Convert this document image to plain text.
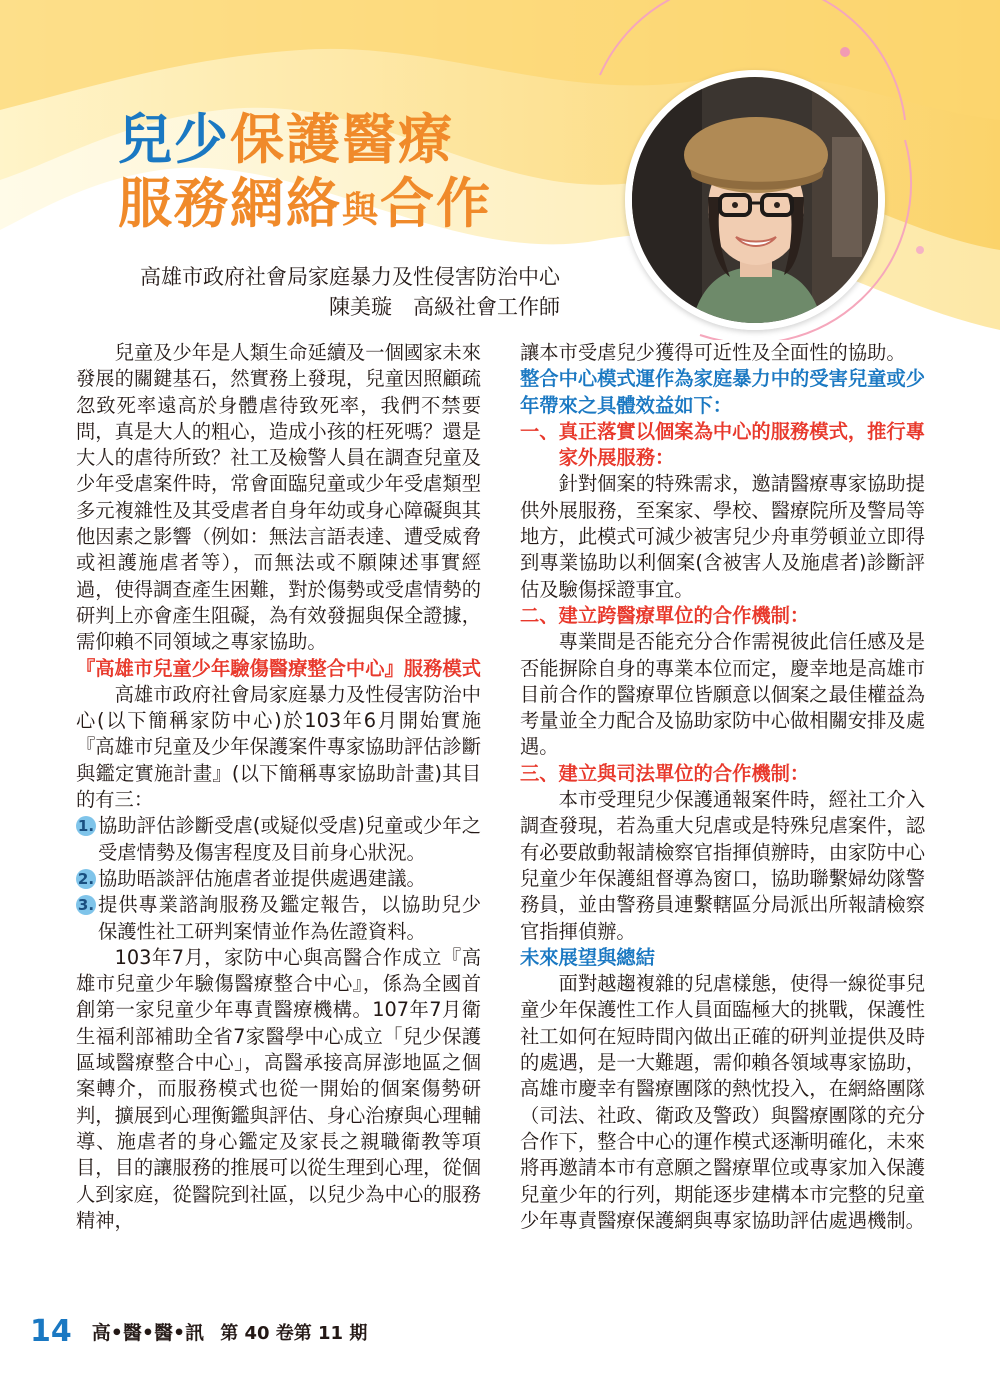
兒少保護醫療
服務網絡與合作
高雄市政府社會局家庭暴力及性侵害防治中心
陳美璇　高級社會工作師

兒童及少年是人類生命延續及一個國家未來發展的關鍵基石，然實務上發現，兒童因照顧疏忽致死率遠高於身體虐待致死率，我們不禁要問，真是大人的粗心，造成小孩的枉死嗎？還是大人的虐待所致？社工及檢警人員在調查兒童及少年受虐案件時，常會面臨兒童或少年受虐類型多元複雜性及其受虐者自身年幼或身心障礙與其他因素之影響（例如：無法言語表達、遭受威脅或袒護施虐者等），而無法或不願陳述事實經過，使得調查產生困難，對於傷勢或受虐情勢的研判上亦會產生阻礙，為有效發掘與保全證據，需仰賴不同領域之專家協助。

『高雄市兒童少年驗傷醫療整合中心』服務模式

高雄市政府社會局家庭暴力及性侵害防治中心(以下簡稱家防中心)於103年6月開始實施『高雄市兒童及少年保護案件專家協助評估診斷與鑑定實施計畫』(以下簡稱專家協助計畫)其目的有三：

1. 協助評估診斷受虐(或疑似受虐)兒童或少年之受虐情勢及傷害程度及目前身心狀況。
2. 協助晤談評估施虐者並提供處遇建議。
3. 提供專業諮詢服務及鑑定報告，以協助兒少保護性社工研判案情並作為佐證資料。

103年7月，家防中心與高醫合作成立『高雄市兒童少年驗傷醫療整合中心』，係為全國首創第一家兒童少年專責醫療機構。107年7月衛生福利部補助全省7家醫學中心成立「兒少保護區域醫療整合中心」，高醫承接高屏澎地區之個案轉介，而服務模式也從一開始的個案傷勢研判，擴展到心理衡鑑與評估、身心治療與心理輔導、施虐者的身心鑑定及家長之親職衛教等項目，目的讓服務的推展可以從生理到心理，從個人到家庭，從醫院到社區，以兒少為中心的服務精神，

讓本市受虐兒少獲得可近性及全面性的協助。

整合中心模式運作為家庭暴力中的受害兒童或少年帶來之具體效益如下：

一、真正落實以個案為中心的服務模式，推行專家外展服務：

針對個案的特殊需求，邀請醫療專家協助提供外展服務，至案家、學校、醫療院所及警局等地方，此模式可減少被害兒少舟車勞頓並立即得到專業協助以利個案(含被害人及施虐者)診斷評估及驗傷採證事宜。

二、建立跨醫療單位的合作機制：

專業間是否能充分合作需視彼此信任感及是否能摒除自身的專業本位而定，慶幸地是高雄市目前合作的醫療單位皆願意以個案之最佳權益為考量並全力配合及協助家防中心做相關安排及處遇。

三、建立與司法單位的合作機制：

本市受理兒少保護通報案件時，經社工介入調查發現，若為重大兒虐或是特殊兒虐案件，認有必要啟動報請檢察官指揮偵辦時，由家防中心兒童少年保護組督導為窗口，協助聯繫婦幼隊警務員，並由警務員連繫轄區分局派出所報請檢察官指揮偵辦。

未來展望與總結

面對越趨複雜的兒虐樣態，使得一線從事兒童少年保護性工作人員面臨極大的挑戰，保護性社工如何在短時間內做出正確的研判並提供及時的處遇，是一大難題，需仰賴各領域專家協助，高雄市慶幸有醫療團隊的熱忱投入，在網絡團隊（司法、社政、衛政及警政）與醫療團隊的充分合作下，整合中心的運作模式逐漸明確化，未來將再邀請本市有意願之醫療單位或專家加入保護兒童少年的行列，期能逐步建構本市完整的兒童少年專責醫療保護網與專家協助評估處遇機制。

14 高•醫•醫•訊 第 40 卷第 11 期
